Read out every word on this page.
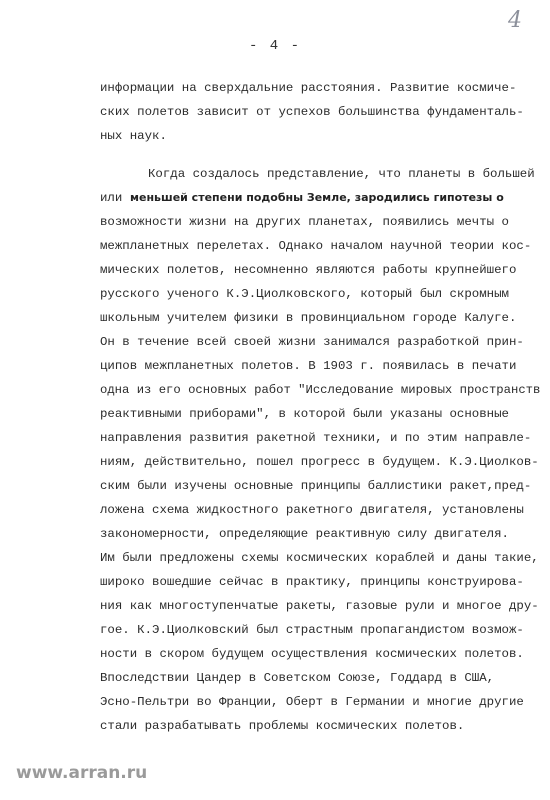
4
- 4 -
информации на сверхдальние расстояния. Развитие космиче-
ских полетов зависит от успехов большинства фундаменталь-
ных наук.
Когда создалось представление, что планеты в большей
или меньшей степени подобны Земле, зародились гипотезы о
возможности жизни на других планетах, появились мечты о
межпланетных перелетах. Однако началом научной теории кос-
мических полетов, несомненно являются работы крупнейшего
русского ученого К.Э.Циолковского, который был скромным
школьным учителем физики в провинциальном городе Калуге.
Он в течение всей своей жизни занимался разработкой прин-
ципов межпланетных полетов. В 1903 г. появилась в печати
одна из его основных работ "Исследование мировых пространств
реактивными приборами", в которой были указаны основные
направления развития ракетной техники, и по этим направле-
ниям, действительно, пошел прогресс в будущем. К.Э.Циолков-
ским были изучены основные принципы баллистики ракет,пред-
ложена схема жидкостного ракетного двигателя, установлены
закономерности, определяющие реактивную силу двигателя.
Им были предложены схемы космических кораблей и даны такие,
широко вошедшие сейчас в практику, принципы конструирова-
ния как многоступенчатые ракеты, газовые рули и многое дру-
гое. К.Э.Циолковский был страстным пропагандистом возмож-
ности в скором будущем осуществления космических полетов.
Впоследствии Цандер в Советском Союзе, Годдард в США,
Эсно-Пельтри во Франции, Оберт в Германии и многие другие
стали разрабатывать проблемы космических полетов.
www.arran.ru
